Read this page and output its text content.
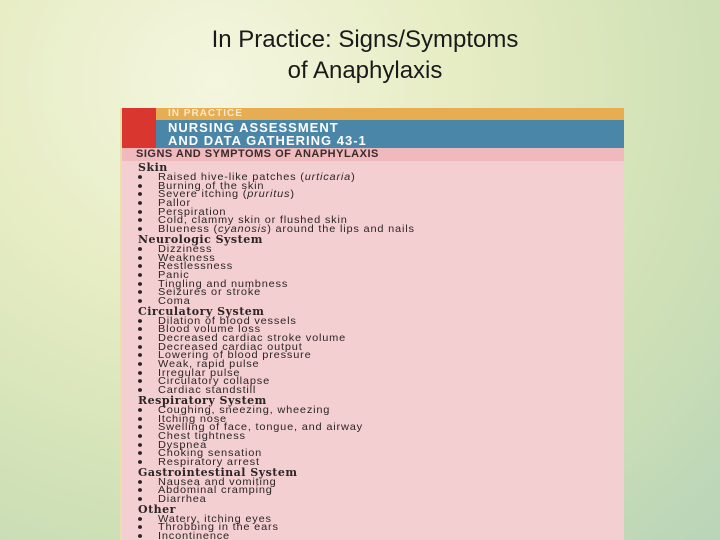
In Practice: Signs/Symptoms
of Anaphylaxis
IN PRACTICE
NURSING ASSESSMENT
AND DATA GATHERING 43-1
SIGNS AND SYMPTOMS OF ANAPHYLAXIS
Skin
Raised hive-like patches (urticaria)
Burning of the skin
Severe itching (pruritus)
Pallor
Perspiration
Cold, clammy skin or flushed skin
Blueness (cyanosis) around the lips and nails
Neurologic System
Dizziness
Weakness
Restlessness
Panic
Tingling and numbness
Seizures or stroke
Coma
Circulatory System
Dilation of blood vessels
Blood volume loss
Decreased cardiac stroke volume
Decreased cardiac output
Lowering of blood pressure
Weak, rapid pulse
Irregular pulse
Circulatory collapse
Cardiac standstill
Respiratory System
Coughing, sneezing, wheezing
Itching nose
Swelling of face, tongue, and airway
Chest tightness
Dyspnea
Choking sensation
Respiratory arrest
Gastrointestinal System
Nausea and vomiting
Abdominal cramping
Diarrhea
Other
Watery, itching eyes
Throbbing in the ears
Incontinence
